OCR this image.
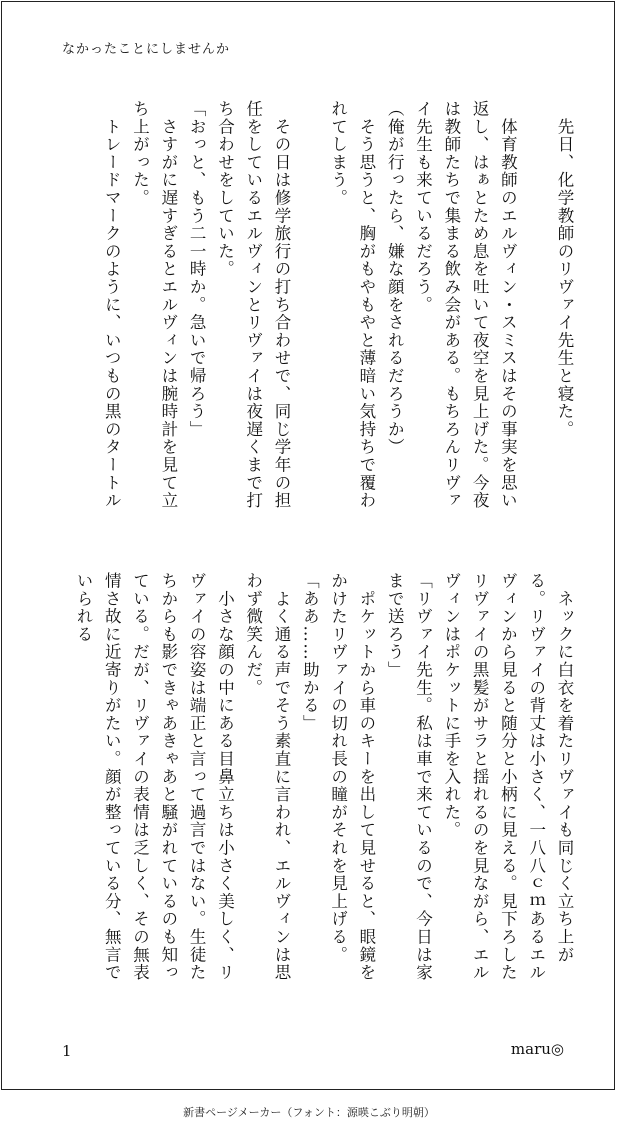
なかったことにしませんか

　先日、化学教師のリヴァイ先生と寝た。

　体育教師のエルヴィン・スミスはその事実を思い返し、はぁとため息を吐いて夜空を見上げた。今夜は教師たちで集まる飲み会がある。もちろんリヴァイ先生も来ているだろう。

（俺が行ったら、嫌な顔をされるだろうか）

　そう思うと、胸がもやもやと薄暗い気持ちで覆われてしまう。

　その日は修学旅行の打ち合わせで、同じ学年の担任をしているエルヴィンとリヴァイは夜遅くまで打ち合わせをしていた。

「おっと、もう二一時か。急いで帰ろう」

　さすがに遅すぎるとエルヴィンは腕時計を見て立ち上がった。

　トレードマークのように、いつもの黒のタートル

　ネックに白衣を着たリヴァイも同じく立ち上がる。リヴァイの背丈は小さく、一八八ｃｍあるエルヴィンから見ると随分と小柄に見える。見下ろしたリヴァイの黒髪がサラと揺れるのを見ながら、エルヴィンはポケットに手を入れた。

「リヴァイ先生。私は車で来ているので、今日は家まで送ろう」

　ポケットから車のキーを出して見せると、眼鏡をかけたリヴァイの切れ長の瞳がそれを見上げる。

「ああ……助かる」

　よく通る声でそう素直に言われ、エルヴィンは思わず微笑んだ。

　小さな顔の中にある目鼻立ちは小さく美しく、リヴァイの容姿は端正と言って過言ではない。生徒たちからも影できゃあきゃあと騒がれているのも知っている。だが、リヴァイの表情は乏しく、その無表情さ故に近寄りがたい。顔が整っている分、無言でいられる

1	maru◎
新書ページメーカー（フォント：源暎こぶり明朝）
